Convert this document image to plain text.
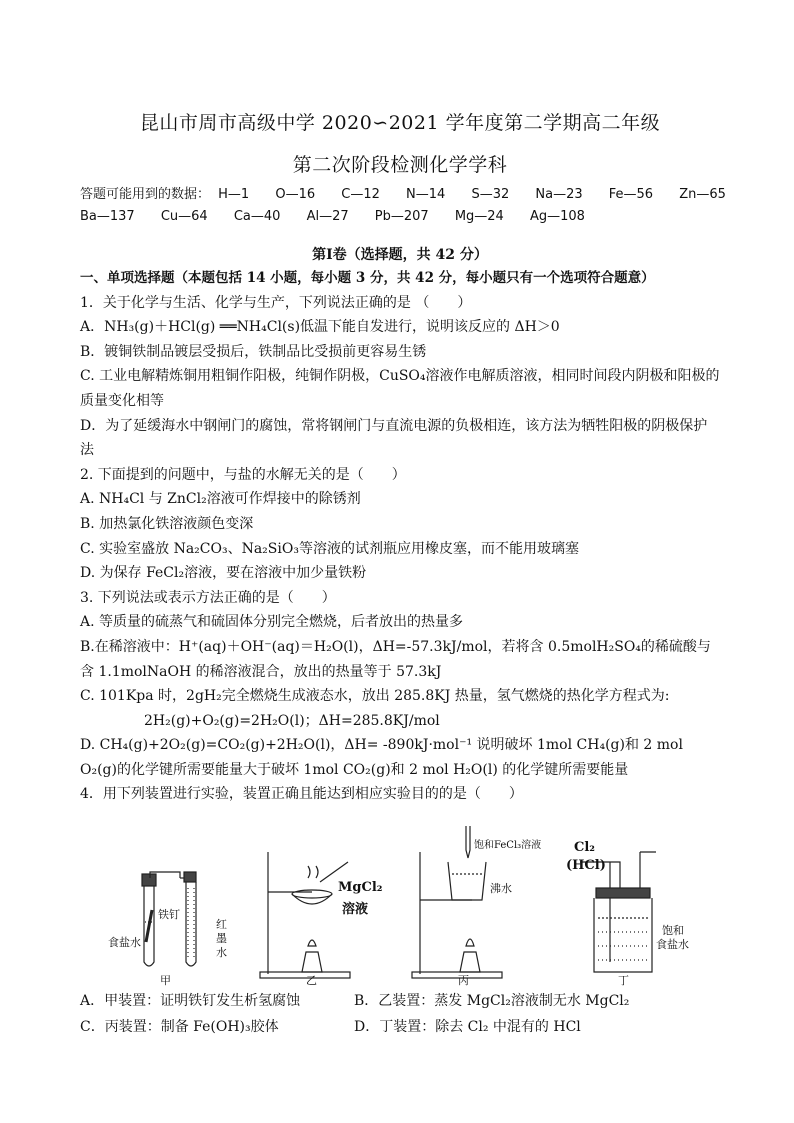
昆山市周市高级中学 2020∽2021 学年度第二学期高二年级
第二次阶段检测化学学科
答题可能用到的数据： H—1 O—16 C—12 N—14 S—32 Na—23 Fe—56 Zn—65
Ba—137 Cu—64 Ca—40 Al—27 Pb—207 Mg—24 Ag—108
第Ⅰ卷（选择题，共 42 分）

一、单项选择题（本题包括 14 小题，每小题 3 分，共 42 分，每小题只有一个选项符合题意）

1．关于化学与生活、化学与生产，下列说法正确的是 （　　）

A．NH₃(g)＋HCl(g) ══NH₄Cl(s)低温下能自发进行，说明该反应的 ΔH＞0

B．镀铜铁制品镀层受损后，铁制品比受损前更容易生锈

C. 工业电解精炼铜用粗铜作阳极，纯铜作阴极，CuSO₄溶液作电解质溶液，相同时间段内阴极和阳极的质量变化相等

D．为了延缓海水中钢闸门的腐蚀，常将钢闸门与直流电源的负极相连，该方法为牺牲阳极的阴极保护法

2. 下面提到的问题中，与盐的水解无关的是（　　）

A. NH₄Cl 与 ZnCl₂溶液可作焊接中的除锈剂

B. 加热氯化铁溶液颜色变深

C. 实验室盛放 Na₂CO₃、Na₂SiO₃等溶液的试剂瓶应用橡皮塞，而不能用玻璃塞

D. 为保存 FeCl₂溶液，要在溶液中加少量铁粉

3. 下列说法或表示方法正确的是（　　）

A. 等质量的硫蒸气和硫固体分别完全燃烧，后者放出的热量多

B.在稀溶液中：H⁺(aq)＋OH⁻(aq)＝H₂O(l)，ΔH=-57.3kJ/mol，若将含 0.5molH₂SO₄的稀硫酸与含 1.1molNaOH 的稀溶液混合，放出的热量等于 57.3kJ

C. 101Kpa 时，2gH₂完全燃烧生成液态水，放出 285.8KJ 热量，氢气燃烧的热化学方程式为:

2H₂(g)+O₂(g)=2H₂O(l)；ΔH=285.8KJ/mol

D. CH₄(g)+2O₂(g)=CO₂(g)+2H₂O(l)，ΔH= -890kJ·mol⁻¹ 说明破坏 1mol CH₄(g)和 2 mol O₂(g)的化学键所需要能量大于破坏 1mol CO₂(g)和 2 mol H₂O(l) 的化学键所需要能量

4．用下列装置进行实验，装置正确且能达到相应实验目的的是（　　）

铁钉
食盐水
红
墨
水
甲
MgCl₂
溶液
乙
饱和FeCl₃溶液
沸水
丙
Cl₂
(HCl)
饱和
食盐水
丁
A．甲装置：证明铁钉发生析氢腐蚀	B．乙装置：蒸发 MgCl₂溶液制无水 MgCl₂
C．丙装置：制备 Fe(OH)₃胶体	D．丁装置：除去 Cl₂ 中混有的 HCl
